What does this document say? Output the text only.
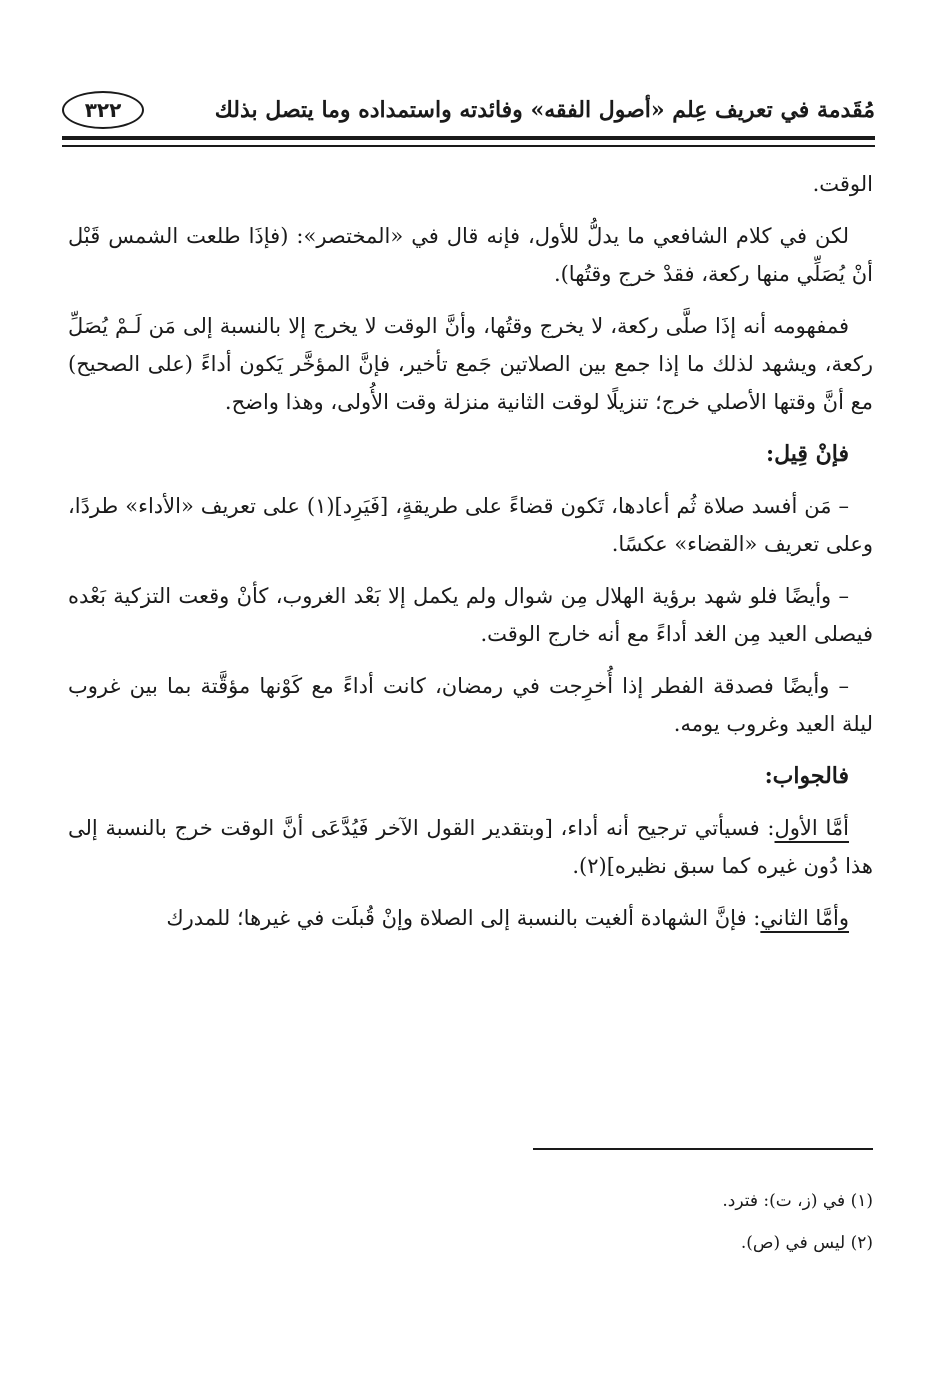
مُقَدمة في تعريف عِلم «أصول الفقه» وفائدته واستمداده وما يتصل بذلك
٣٢٢

الوقت.

لكن في كلام الشافعي ما يدلُّ للأول، فإنه قال في «المختصر»: (فإذَا طلعت الشمس قَبْل أنْ يُصَلِّي منها ركعة، فقدْ خرج وقتُها).

فمفهومه أنه إذَا صلَّى ركعة، لا يخرج وقتُها، وأنَّ الوقت لا يخرج إلا بالنسبة إلى مَن لَـمْ يُصَلِّ ركعة، ويشهد لذلك ما إذا جمع بين الصلاتين جَمع تأخير، فإنَّ المؤخَّر يَكون أداءً (على الصحيح) مع أنَّ وقتها الأصلي خرج؛ تنزيلًا لوقت الثانية منزلة وقت الأُولى، وهذا واضح.

فإنْ قِيل:

– مَن أفسد صلاة ثُم أعادها، تَكون قضاءً على طريقةٍ، [فَيَرِد](١) على تعريف «الأداء» طردًا، وعلى تعريف «القضاء» عكسًا.

– وأيضًا فلو شهد برؤية الهلال مِن شوال ولم يكمل إلا بَعْد الغروب، كأنْ وقعت التزكية بَعْده فيصلى العيد مِن الغد أداءً مع أنه خارج الوقت.

– وأيضًا فصدقة الفطر إذا أُخرِجت في رمضان، كانت أداءً مع كَوْنها مؤقَّتة بما بين غروب ليلة العيد وغروب يومه.

فالجواب:

أمَّا الأول: فسيأتي ترجيح أنه أداء، [وبتقدير القول الآخر فَيُدَّعَى أنَّ الوقت خرج بالنسبة إلى هذا دُون غيره كما سبق نظيره](٢).

وأمَّا الثاني: فإنَّ الشهادة ألغيت بالنسبة إلى الصلاة وإنْ قُبلَت في غيرها؛ للمدرك

(١) في (ز، ت): فترد.
(٢) ليس في (ص).
